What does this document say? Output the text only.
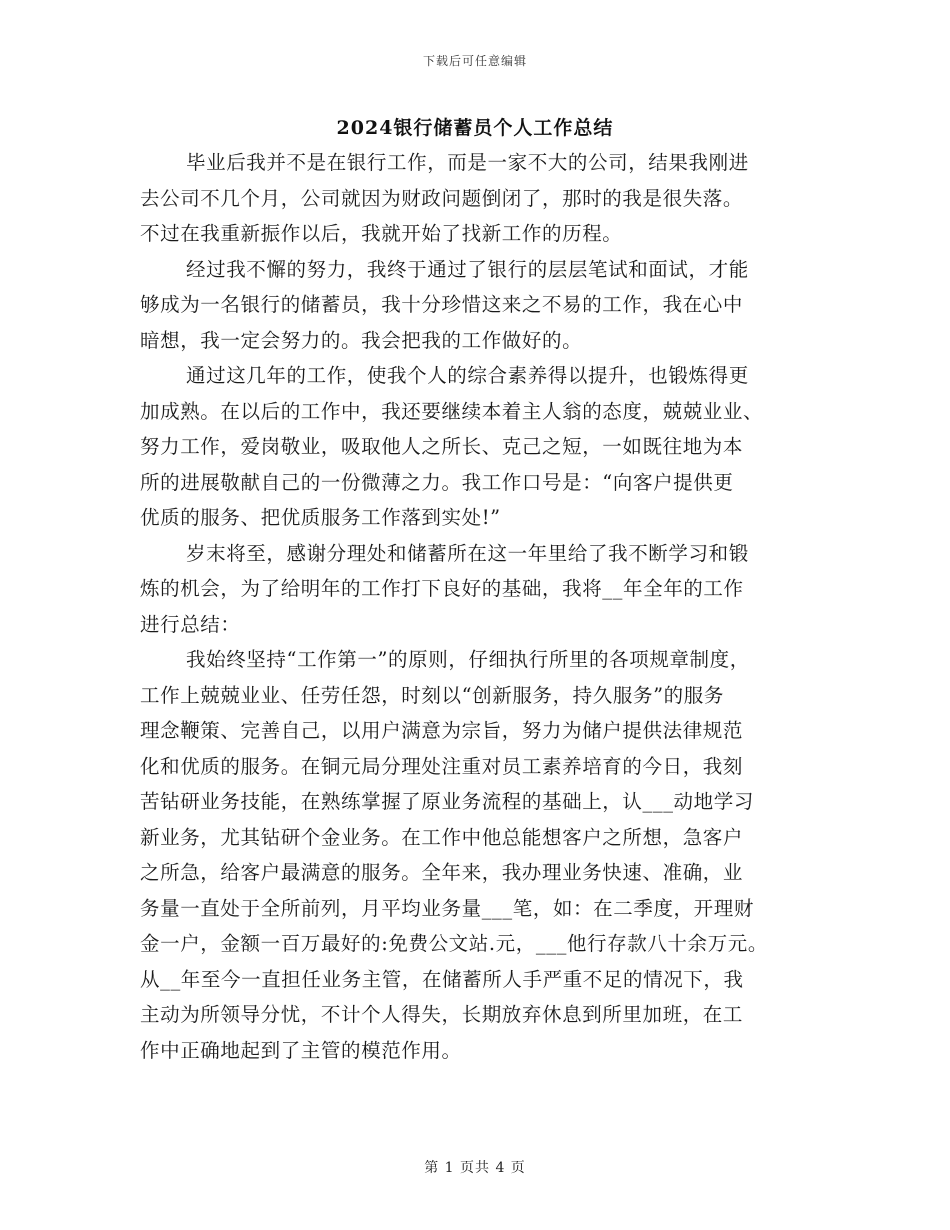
下载后可任意编辑
2024银行储蓄员个人工作总结
毕业后我并不是在银行工作，而是一家不大的公司，结果我刚进
去公司不几个月，公司就因为财政问题倒闭了，那时的我是很失落。
不过在我重新振作以后，我就开始了找新工作的历程。
经过我不懈的努力，我终于通过了银行的层层笔试和面试，才能
够成为一名银行的储蓄员，我十分珍惜这来之不易的工作，我在心中
暗想，我一定会努力的。我会把我的工作做好的。
通过这几年的工作，使我个人的综合素养得以提升，也锻炼得更
加成熟。在以后的工作中，我还要继续本着主人翁的态度，兢兢业业、
努力工作，爱岗敬业，吸取他人之所长、克己之短，一如既往地为本
所的进展敬献自己的一份微薄之力。我工作口号是：“向客户提供更
优质的服务、把优质服务工作落到实处!”
岁末将至，感谢分理处和储蓄所在这一年里给了我不断学习和锻
炼的机会，为了给明年的工作打下良好的基础，我将__年全年的工作
进行总结：
我始终坚持“工作第一”的原则，仔细执行所里的各项规章制度，
工作上兢兢业业、任劳任怨，时刻以“创新服务，持久服务”的服务
理念鞭策、完善自己，以用户满意为宗旨，努力为储户提供法律规范
化和优质的服务。在铜元局分理处注重对员工素养培育的今日，我刻
苦钻研业务技能，在熟练掌握了原业务流程的基础上，认___动地学习
新业务，尤其钻研个金业务。在工作中他总能想客户之所想，急客户
之所急，给客户最满意的服务。全年来，我办理业务快速、准确，业
务量一直处于全所前列，月平均业务量___笔，如：在二季度，开理财
金一户，金额一百万最好的:免费公文站.元，___他行存款八十余万元。
从__年至今一直担任业务主管，在储蓄所人手严重不足的情况下，我
主动为所领导分忧，不计个人得失，长期放弃休息到所里加班，在工
作中正确地起到了主管的模范作用。
第 1 页共 4 页
